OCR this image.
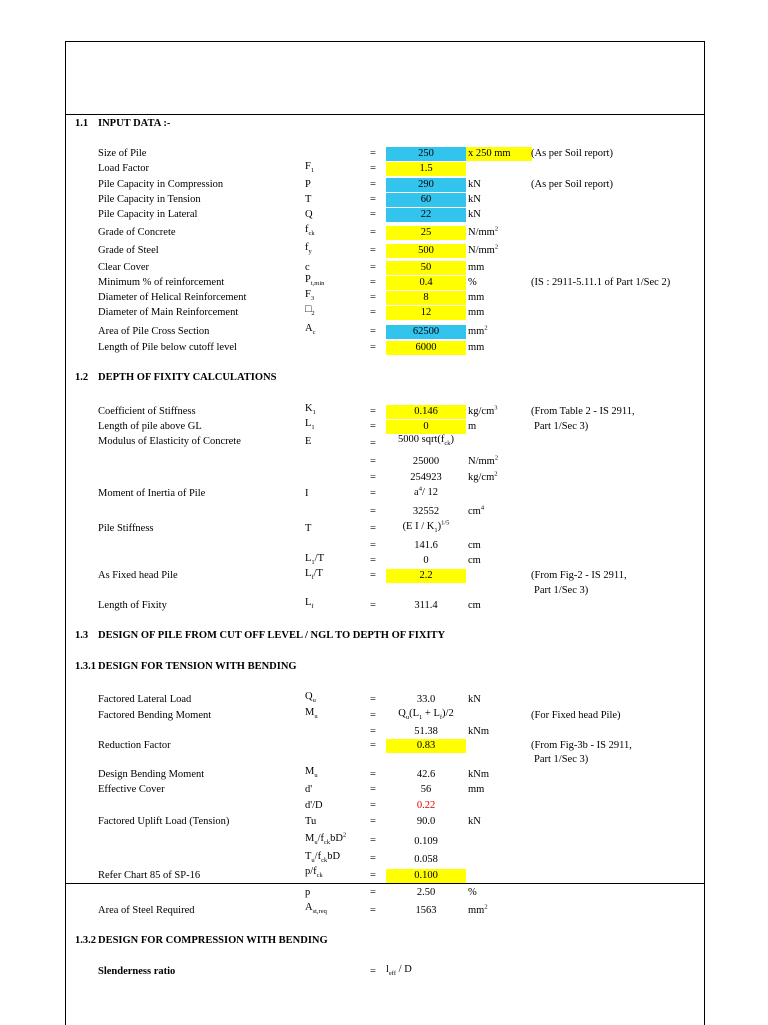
1.1 INPUT DATA :-
Size of Pile	=	250	x 250 mm	(As per Soil report)
Load Factor	$F_1$	=	1.5
Pile Capacity in Compression	P	=	290	kN	(As per Soil report)
Pile Capacity in Tension	T	=	60	kN
Pile Capacity in Lateral	Q	=	22	kN
Grade of Concrete	$f_{ck}$	=	25	$N/mm^2$
Grade of Steel	$f_y$	=	500	$N/mm^2$
Clear Cover	c	=	50	mm
Minimum % of reinforcement	$P_{t,min}$	=	0.4	%	(IS : 2911-5.11.1 of Part 1/Sec 2)
Diameter of Helical Reinforcement	$F_3$	=	8	mm
Diameter of Main Reinforcement	$□_2$	=	12	mm
Area of Pile Cross Section	$A_c$	=	62500	$mm^2$
Length of Pile below cutoff level	=	6000	mm
1.2 DEPTH OF FIXITY CALCULATIONS
Coefficient of Stiffness	$K_1$	=	0.146	$kg/cm^3$	(From Table 2 - IS 2911,
Part 1/Sec 3)
Length of pile above GL	$L_1$	=	0	m
Modulus of Elasticity of Concrete	E	=	5000 $sqrt(f_{ck})$
=	25000	$N/mm^2$
=	254923	$kg/cm^2$
Moment of Inertia of Pile	I	=	$a^4/$ 12
=	32552	$cm^4$
Pile Stiffness	T	=	(E I / $K_1)^{1/5}$
=	141.6	cm
$L_1/T$	=	0	cm
As Fixed head Pile	$L_f/T$	=	2.2	(From Fig-2 - IS 2911,
Part 1/Sec 3)
Length of Fixity	$L_f$	=	311.4	cm
1.3 DESIGN OF PILE FROM CUT OFF LEVEL / NGL TO DEPTH OF FIXITY
1.3.1 DESIGN FOR TENSION WITH BENDING
Factored Lateral Load	$Q_u$	=	33.0	kN
Factored Bending Moment	$M_u$	=	$Q_u(L_1 + L_f)/2$	(For Fixed head Pile)
=	51.38	kNm
Reduction Factor	=	0.83	(From Fig-3b - IS 2911,
Part 1/Sec 3)
Design Bending Moment	$M_u$	=	42.6	kNm
Effective Cover	d'	=	56	mm
d'/D	=	0.22
Factored Uplift Load (Tension)	Tu	=	90.0	kN
$M_u/f_{ck}bD^2$ =	0.109
$T_u/f_{ck}bD$	=	0.058
Refer Chart 85 of SP-16	$p/f_{ck}$	=	0.100
p	=	2.50	%
Area of Steel Required	$A_{st,req}$	=	1563	$mm^2$
1.3.2 DESIGN FOR COMPRESSION WITH BENDING
Slenderness ratio	= $l_{eff}$ / D
